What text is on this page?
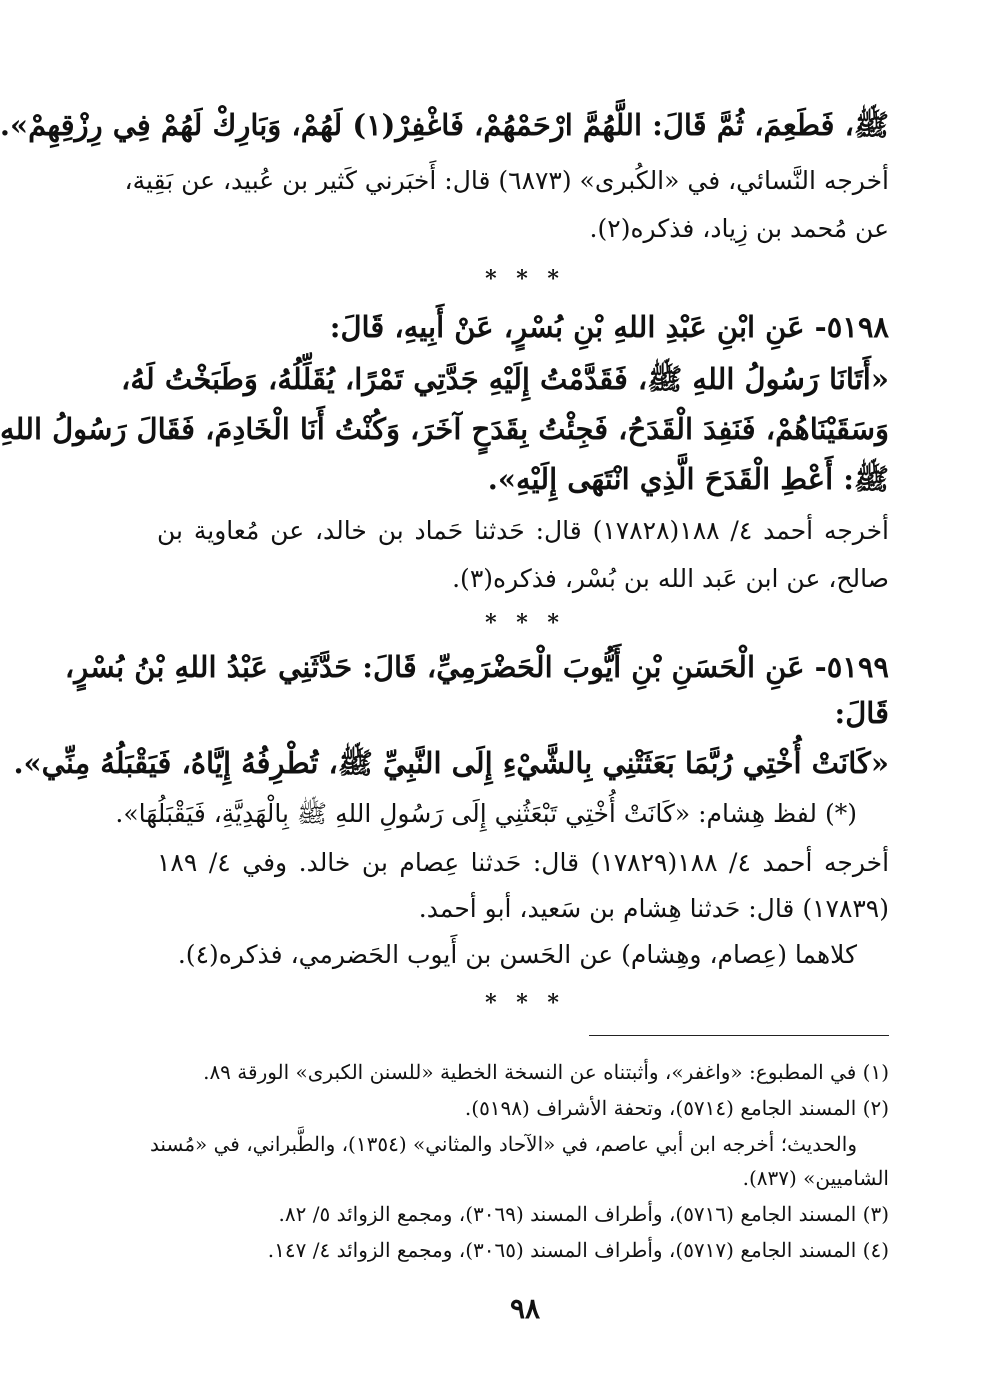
ﷺ، فَطَعِمَ، ثُمَّ قَالَ: اللَّهُمَّ ارْحَمْهُمْ، فَاغْفِرْ(١) لَهُمْ، وَبَارِكْ لَهُمْ فِي رِزْقِهِمْ».
أخرجه النَّسائي، في «الكُبرى» (٦٨٧٣) قال: أَخبَرني كَثير بن عُبيد، عن بَقِية،
عن مُحمد بن زِياد، فذكره(٢).
* * *
٥١٩٨- عَنِ ابْنِ عَبْدِ اللهِ بْنِ بُسْرٍ، عَنْ أَبِيهِ، قَالَ:
«أَتَانَا رَسُولُ اللهِ ﷺ، فَقَدَّمْتُ إِلَيْهِ جَدَّتِي تَمْرًا، يُقَلِّلُهُ، وَطَبَخْتُ لَهُ،
وَسَقَيْنَاهُمْ، فَنَفِدَ الْقَدَحُ، فَجِئْتُ بِقَدَحٍ آخَرَ، وَكُنْتُ أَنَا الْخَادِمَ، فَقَالَ رَسُولُ اللهِ
ﷺ: أَعْطِ الْقَدَحَ الَّذِي انْتَهَى إِلَيْهِ».
أخرجه أحمد ٤/ ١٨٨(١٧٨٢٨) قال: حَدثنا حَماد بن خالد، عن مُعاوية بن
صالح، عن ابن عَبد الله بن بُسْر، فذكره(٣).
* * *
٥١٩٩- عَنِ الْحَسَنِ بْنِ أَيُّوبَ الْحَضْرَمِيِّ، قَالَ: حَدَّثَنِي عَبْدُ اللهِ بْنُ بُسْرٍ،
قَالَ:
«كَانَتْ أُخْتِي رُبَّمَا بَعَثَتْنِي بِالشَّيْءِ إِلَى النَّبِيِّ ﷺ، تُطْرِفُهُ إِيَّاهُ، فَيَقْبَلُهُ مِنِّي».
(*) لفظ هِشام: «كَانَتْ أُخْتِي تَبْعَثُنِي إِلَى رَسُولِ اللهِ ﷺ بِالْهَدِيَّةِ، فَيَقْبَلُهَا».
أخرجه أحمد ٤/ ١٨٨(١٧٨٢٩) قال: حَدثنا عِصام بن خالد. وفي ٤/ ١٨٩
(١٧٨٣٩) قال: حَدثنا هِشام بن سَعيد، أبو أحمد.
كلاهما (عِصام، وهِشام) عن الحَسن بن أَيوب الحَضرمي، فذكره(٤).
* * *
(١) في المطبوع: «واغفر»، وأثبتناه عن النسخة الخطية «للسنن الكبرى» الورقة ٨٩.
(٢) المسند الجامع (٥٧١٤)، وتحفة الأشراف (٥١٩٨).
والحديث؛ أخرجه ابن أبي عاصم، في «الآحاد والمثاني» (١٣٥٤)، والطَّبراني، في «مُسند
الشاميين» (٨٣٧).
(٣) المسند الجامع (٥٧١٦)، وأطراف المسند (٣٠٦٩)، ومجمع الزوائد ٥/ ٨٢.
(٤) المسند الجامع (٥٧١٧)، وأطراف المسند (٣٠٦٥)، ومجمع الزوائد ٤/ ١٤٧.
٩٨
